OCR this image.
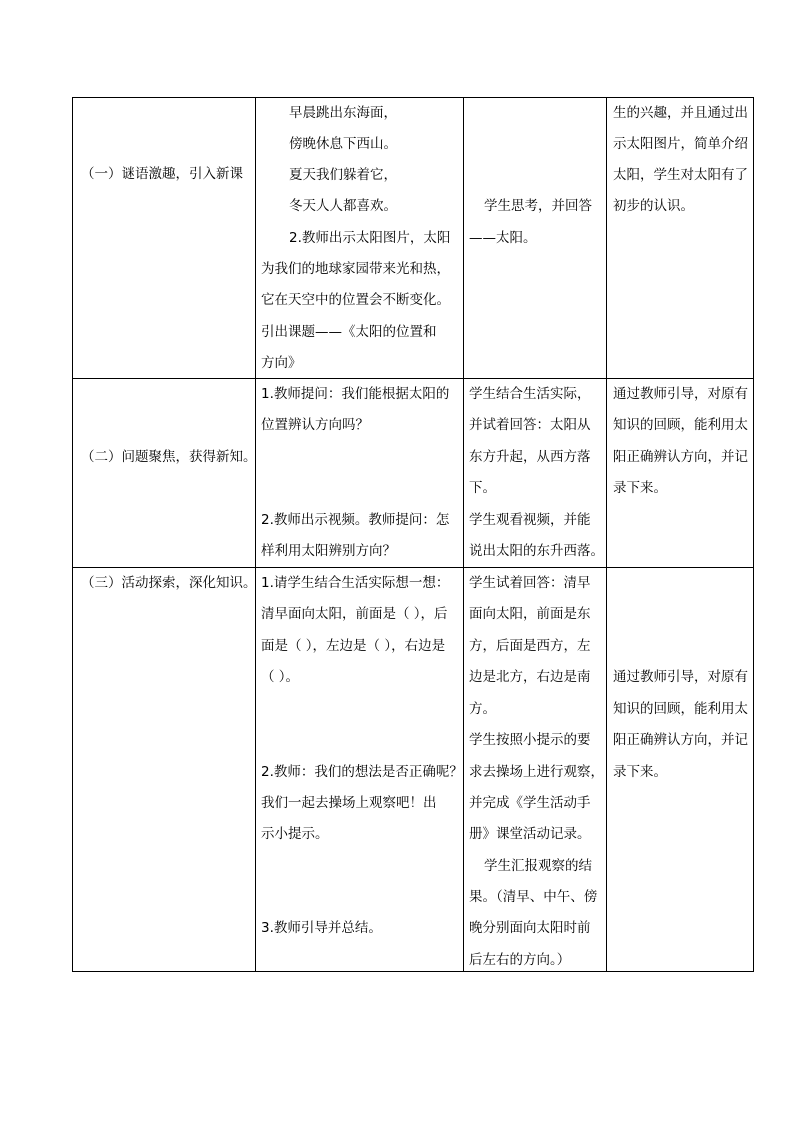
（一）谜语激趣，引入新课
早晨跳出东海面，
傍晚休息下西山。
夏天我们躲着它，
冬天人人都喜欢。
2.教师出示太阳图片，太阳
为我们的地球家园带来光和热，
它在天空中的位置会不断变化。
引出课题——《太阳的位置和
方向》
学生思考，并回答
——太阳。
生的兴趣，并且通过出
示太阳图片，简单介绍
太阳，学生对太阳有了
初步的认识。
（二）问题聚焦，获得新知。
1.教师提问：我们能根据太阳的
位置辨认方向吗？
2.教师出示视频。教师提问：怎
样利用太阳辨别方向？
学生结合生活实际，
并试着回答：太阳从
东方升起，从西方落
下。
学生观看视频，并能
说出太阳的东升西落。
通过教师引导，对原有
知识的回顾，能利用太
阳正确辨认方向，并记
录下来。
（三）活动探索，深化知识。 1.请学生结合生活实际想一想：
清早面向太阳，前面是（ ），后
面是（ ），左边是（ ），右边是
（ ）。
2.教师：我们的想法是否正确呢？
我们一起去操场上观察吧！出
示小提示。
3.教师引导并总结。
学生试着回答：清早
面向太阳，前面是东
方，后面是西方，左
边是北方，右边是南
方。
学生按照小提示的要
求去操场上进行观察，
并完成《学生活动手
册》课堂活动记录。
学生汇报观察的结
果。（清早、中午、傍
晚分别面向太阳时前
后左右的方向。）
通过教师引导，对原有
知识的回顾，能利用太
阳正确辨认方向，并记
录下来。
